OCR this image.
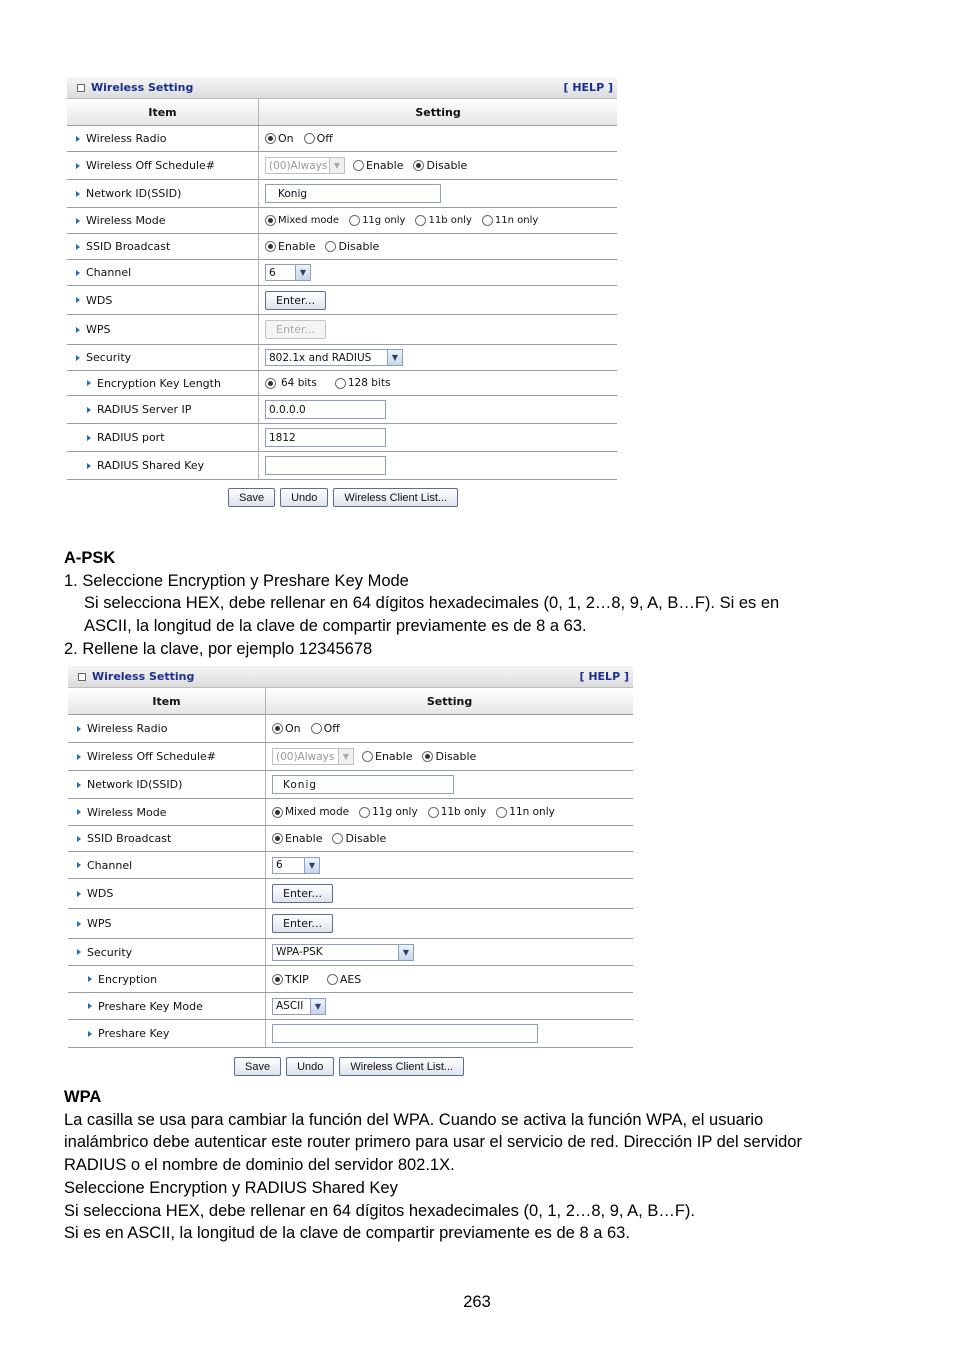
Wireless Setting	[ HELP ]
Item	Setting
Wireless Radio	On Off
Wireless Off Schedule#	(00)Always ▼	Enable Disable
Network ID(SSID)	Konig
Wireless Mode	Mixed mode 11g only 11b only 11n only
SSID Broadcast	Enable Disable
Channel	6	▼
WDS	Enter...
WPS	Enter...
Security	802.1x and RADIUS	▼
Encryption Key Length	64 bits	128 bits
RADIUS Server IP	0.0.0.0
RADIUS port	1812
RADIUS Shared Key
Save	Undo	Wireless Client List...
A-PSK
1. Seleccione Encryption y Preshare Key Mode
Si selecciona HEX, debe rellenar en 64 dígitos hexadecimales (0, 1, 2…8, 9, A, B…F). Si es en
ASCII, la longitud de la clave de compartir previamente es de 8 a 63.
2. Rellene la clave, por ejemplo 12345678
Wireless Setting	[ HELP ]
Item	Setting
Wireless Radio	On Off
Wireless Off Schedule#	(00)Always	▼	Enable Disable
Network ID(SSID)	Konig
Wireless Mode	Mixed mode 11g only 11b only 11n only
SSID Broadcast	Enable Disable
Channel	6	▼
WDS	Enter...
WPS	Enter...
Security	WPA-PSK	▼
Encryption	TKIP	AES
Preshare Key Mode	ASCII	▼
Preshare Key
Save	Undo	Wireless Client List...
WPA
La casilla se usa para cambiar la función del WPA. Cuando se activa la función WPA, el usuario
inalámbrico debe autenticar este router primero para usar el servicio de red. Dirección IP del servidor
RADIUS o el nombre de dominio del servidor 802.1X.
Seleccione Encryption y RADIUS Shared Key
Si selecciona HEX, debe rellenar en 64 dígitos hexadecimales (0, 1, 2…8, 9, A, B…F).
Si es en ASCII, la longitud de la clave de compartir previamente es de 8 a 63.
263
